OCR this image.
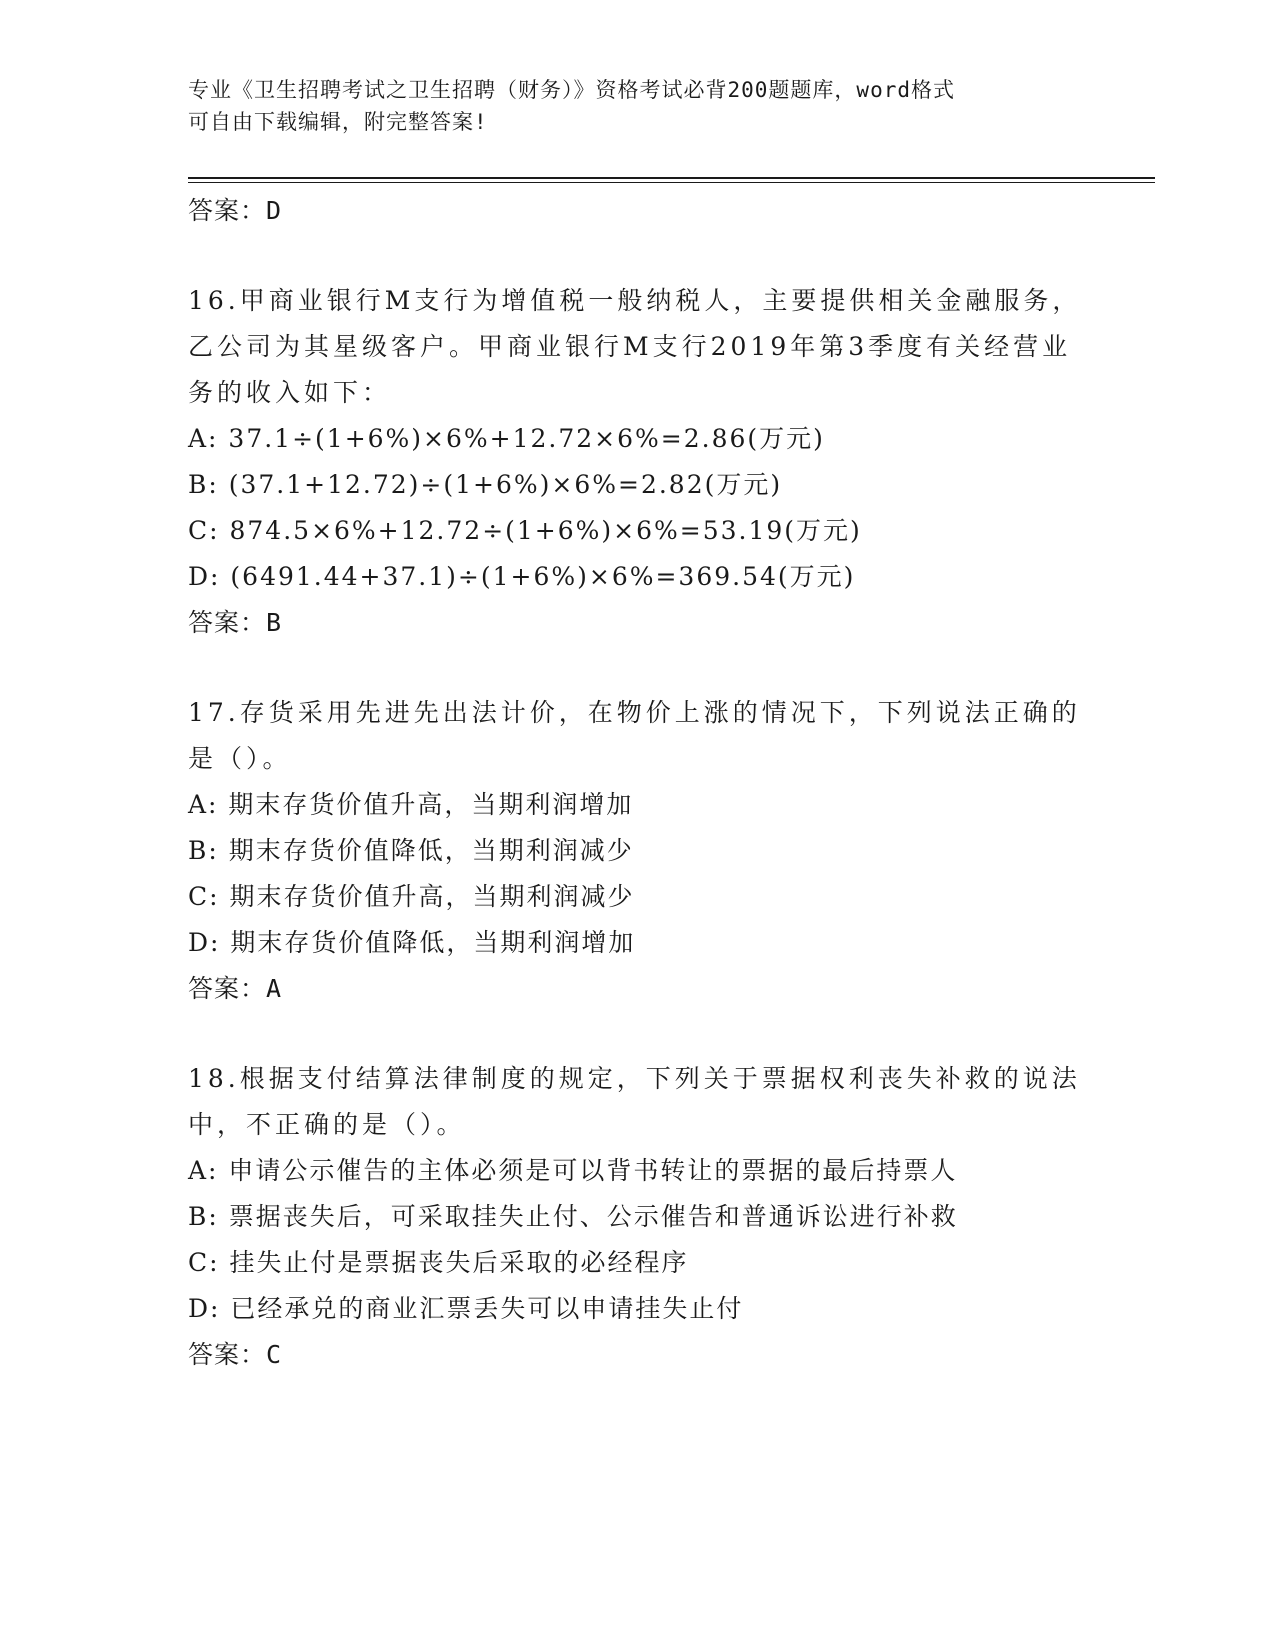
专业《卫生招聘考试之卫生招聘（财务）》资格考试必背200题题库，word格式
可自由下载编辑，附完整答案!
答案：D
16.甲商业银行M支行为增值税一般纳税人，主要提供相关金融服务，
乙公司为其星级客户。甲商业银行M支行2019年第3季度有关经营业
务的收入如下：
A: 37.1÷(1+6%)×6%+12.72×6%=2.86(万元)
B: (37.1+12.72)÷(1+6%)×6%=2.82(万元)
C: 874.5×6%+12.72÷(1+6%)×6%=53.19(万元)
D: (6491.44+37.1)÷(1+6%)×6%=369.54(万元)
答案：B
17.存货采用先进先出法计价，在物价上涨的情况下，下列说法正确的
是（）。
A: 期末存货价值升高，当期利润增加
B: 期末存货价值降低，当期利润减少
C: 期末存货价值升高，当期利润减少
D: 期末存货价值降低，当期利润增加
答案：A
18.根据支付结算法律制度的规定，下列关于票据权利丧失补救的说法
中，不正确的是（）。
A: 申请公示催告的主体必须是可以背书转让的票据的最后持票人
B: 票据丧失后，可采取挂失止付、公示催告和普通诉讼进行补救
C: 挂失止付是票据丧失后采取的必经程序
D: 已经承兑的商业汇票丢失可以申请挂失止付
答案：C
